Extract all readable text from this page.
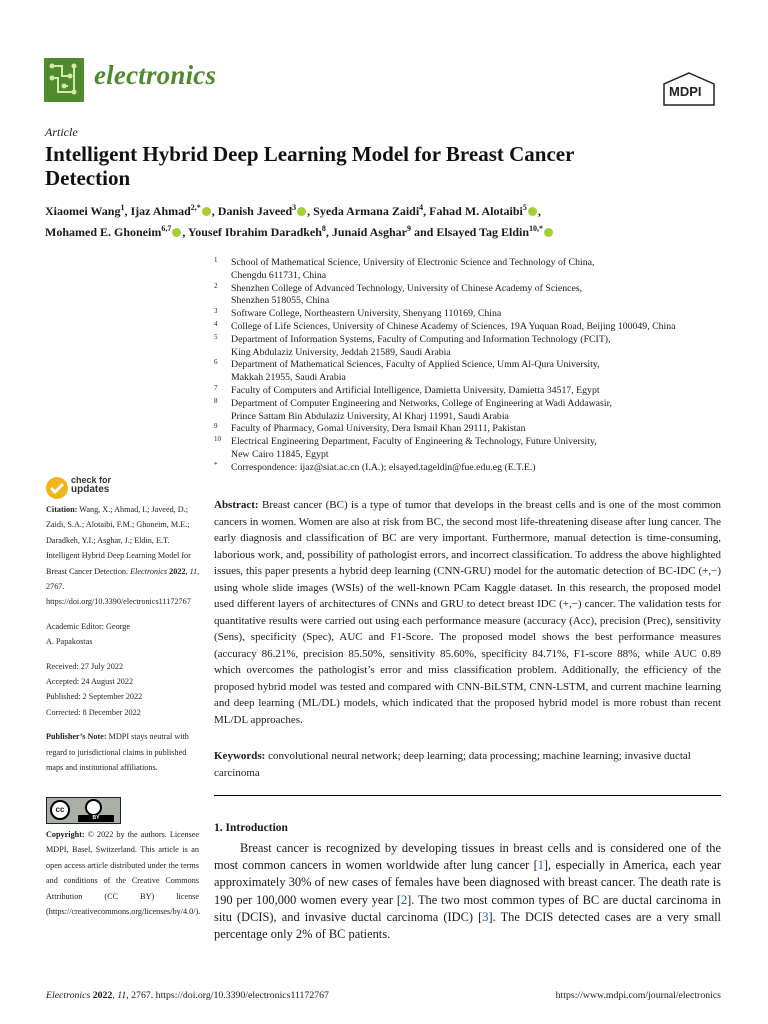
electronics
MDPI
Article
Intelligent Hybrid Deep Learning Model for Breast Cancer Detection
Xiaomei Wang$^1$, Ijaz Ahmad$^{2,*}$ , Danish Javeed$^3$ , Syeda Armana Zaidi$^4$, Fahad M. Alotaibi$^5$ ,
Mohamed E. Ghoneim$^{6,7}$ , Yousef Ibrahim Daradkeh$^8$, Junaid Asghar$^9$ and Elsayed Tag Eldin$^{10,*}$
1 School of Mathematical Science, University of Electronic Science and Technology of China,
Chengdu 611731, China
2 Shenzhen College of Advanced Technology, University of Chinese Academy of Sciences,
Shenzhen 518055, China
3 Software College, Northeastern University, Shenyang 110169, China
4 College of Life Sciences, University of Chinese Academy of Sciences, 19A Yuquan Road, Beijing 100049, China
5 Department of Information Systems, Faculty of Computing and Information Technology (FCIT),
King Abdulaziz University, Jeddah 21589, Saudi Arabia
6 Department of Mathematical Sciences, Faculty of Applied Science, Umm Al-Qura University,
Makkah 21955, Saudi Arabia
7 Faculty of Computers and Artificial Intelligence, Damietta University, Damietta 34517, Egypt
8 Department of Computer Engineering and Networks, College of Engineering at Wadi Addawasir,
Prince Sattam Bin Abdulaziz University, Al Kharj 11991, Saudi Arabia
9 Faculty of Pharmacy, Gomal University, Dera Ismail Khan 29111, Pakistan
10 Electrical Engineering Department, Faculty of Engineering & Technology, Future University,
New Cairo 11845, Egypt
* Correspondence: ijaz@siat.ac.cn (I.A.); elsayed.tageldin@fue.edu.eg (E.T.E.)
check for
updates
Citation: Wang, X.; Ahmad, I.; Javeed, D.; Zaidi, S.A.; Alotaibi, F.M.; Ghoneim, M.E.; Daradkeh, Y.I.; Asghar, J.; Eldin, E.T. Intelligent Hybrid Deep Learning Model for Breast Cancer Detection. Electronics 2022, 11, 2767. https://doi.org/10.3390/electronics11172767
Academic Editor: George
A. Papakostas
Received: 27 July 2022
Accepted: 24 August 2022
Published: 2 September 2022
Corrected: 8 December 2022
Publisher’s Note: MDPI stays neutral with regard to jurisdictional claims in published maps and institutional affiliations.
cc
BY
Copyright: © 2022 by the authors. Licensee MDPI, Basel, Switzerland. This article is an open access article distributed under the terms and conditions of the Creative Commons Attribution (CC BY) license (https://creativecommons.org/licenses/by/4.0/).
Abstract: Breast cancer (BC) is a type of tumor that develops in the breast cells and is one of the most common cancers in women. Women are also at risk from BC, the second most life-threatening disease after lung cancer. The early diagnosis and classification of BC are very important. Furthermore, manual detection is time-consuming, laborious work, and, possibility of pathologist errors, and incorrect classification. To address the above highlighted issues, this paper presents a hybrid deep learning (CNN-GRU) model for the automatic detection of BC-IDC (+,−) using whole slide images (WSIs) of the well-known PCam Kaggle dataset. In this research, the proposed model used different layers of architectures of CNNs and GRU to detect breast IDC (+,−) cancer. The validation tests for quantitative results were carried out using each performance measure (accuracy (Acc), precision (Prec), sensitivity (Sens), specificity (Spec), AUC and F1-Score. The proposed model shows the best performance measures (accuracy 86.21%, precision 85.50%, sensitivity 85.60%, specificity 84.71%, F1-score 88%, while AUC 0.89 which overcomes the pathologist’s error and miss classification problem. Additionally, the efficiency of the proposed hybrid model was tested and compared with CNN-BiLSTM, CNN-LSTM, and current machine learning and deep learning (ML/DL) models, which indicated that the proposed hybrid model is more robust than recent ML/DL approaches.
Keywords: convolutional neural network; deep learning; data processing; machine learning; invasive ductal carcinoma
1. Introduction
Breast cancer is recognized by developing tissues in breast cells and is considered one of the most common cancers in women worldwide after lung cancer [1], especially in America, each year approximately 30% of new cases of females have been diagnosed with breast cancer. The death rate is 190 per 100,000 women every year [2]. The two most common types of BC are ductal carcinoma in situ (DCIS), and invasive ductal carcinoma (IDC) [3]. The DCIS detected cases are a very small percentage only 2% of BC patients.
Electronics 2022, 11, 2767. https://doi.org/10.3390/electronics11172767	https://www.mdpi.com/journal/electronics
